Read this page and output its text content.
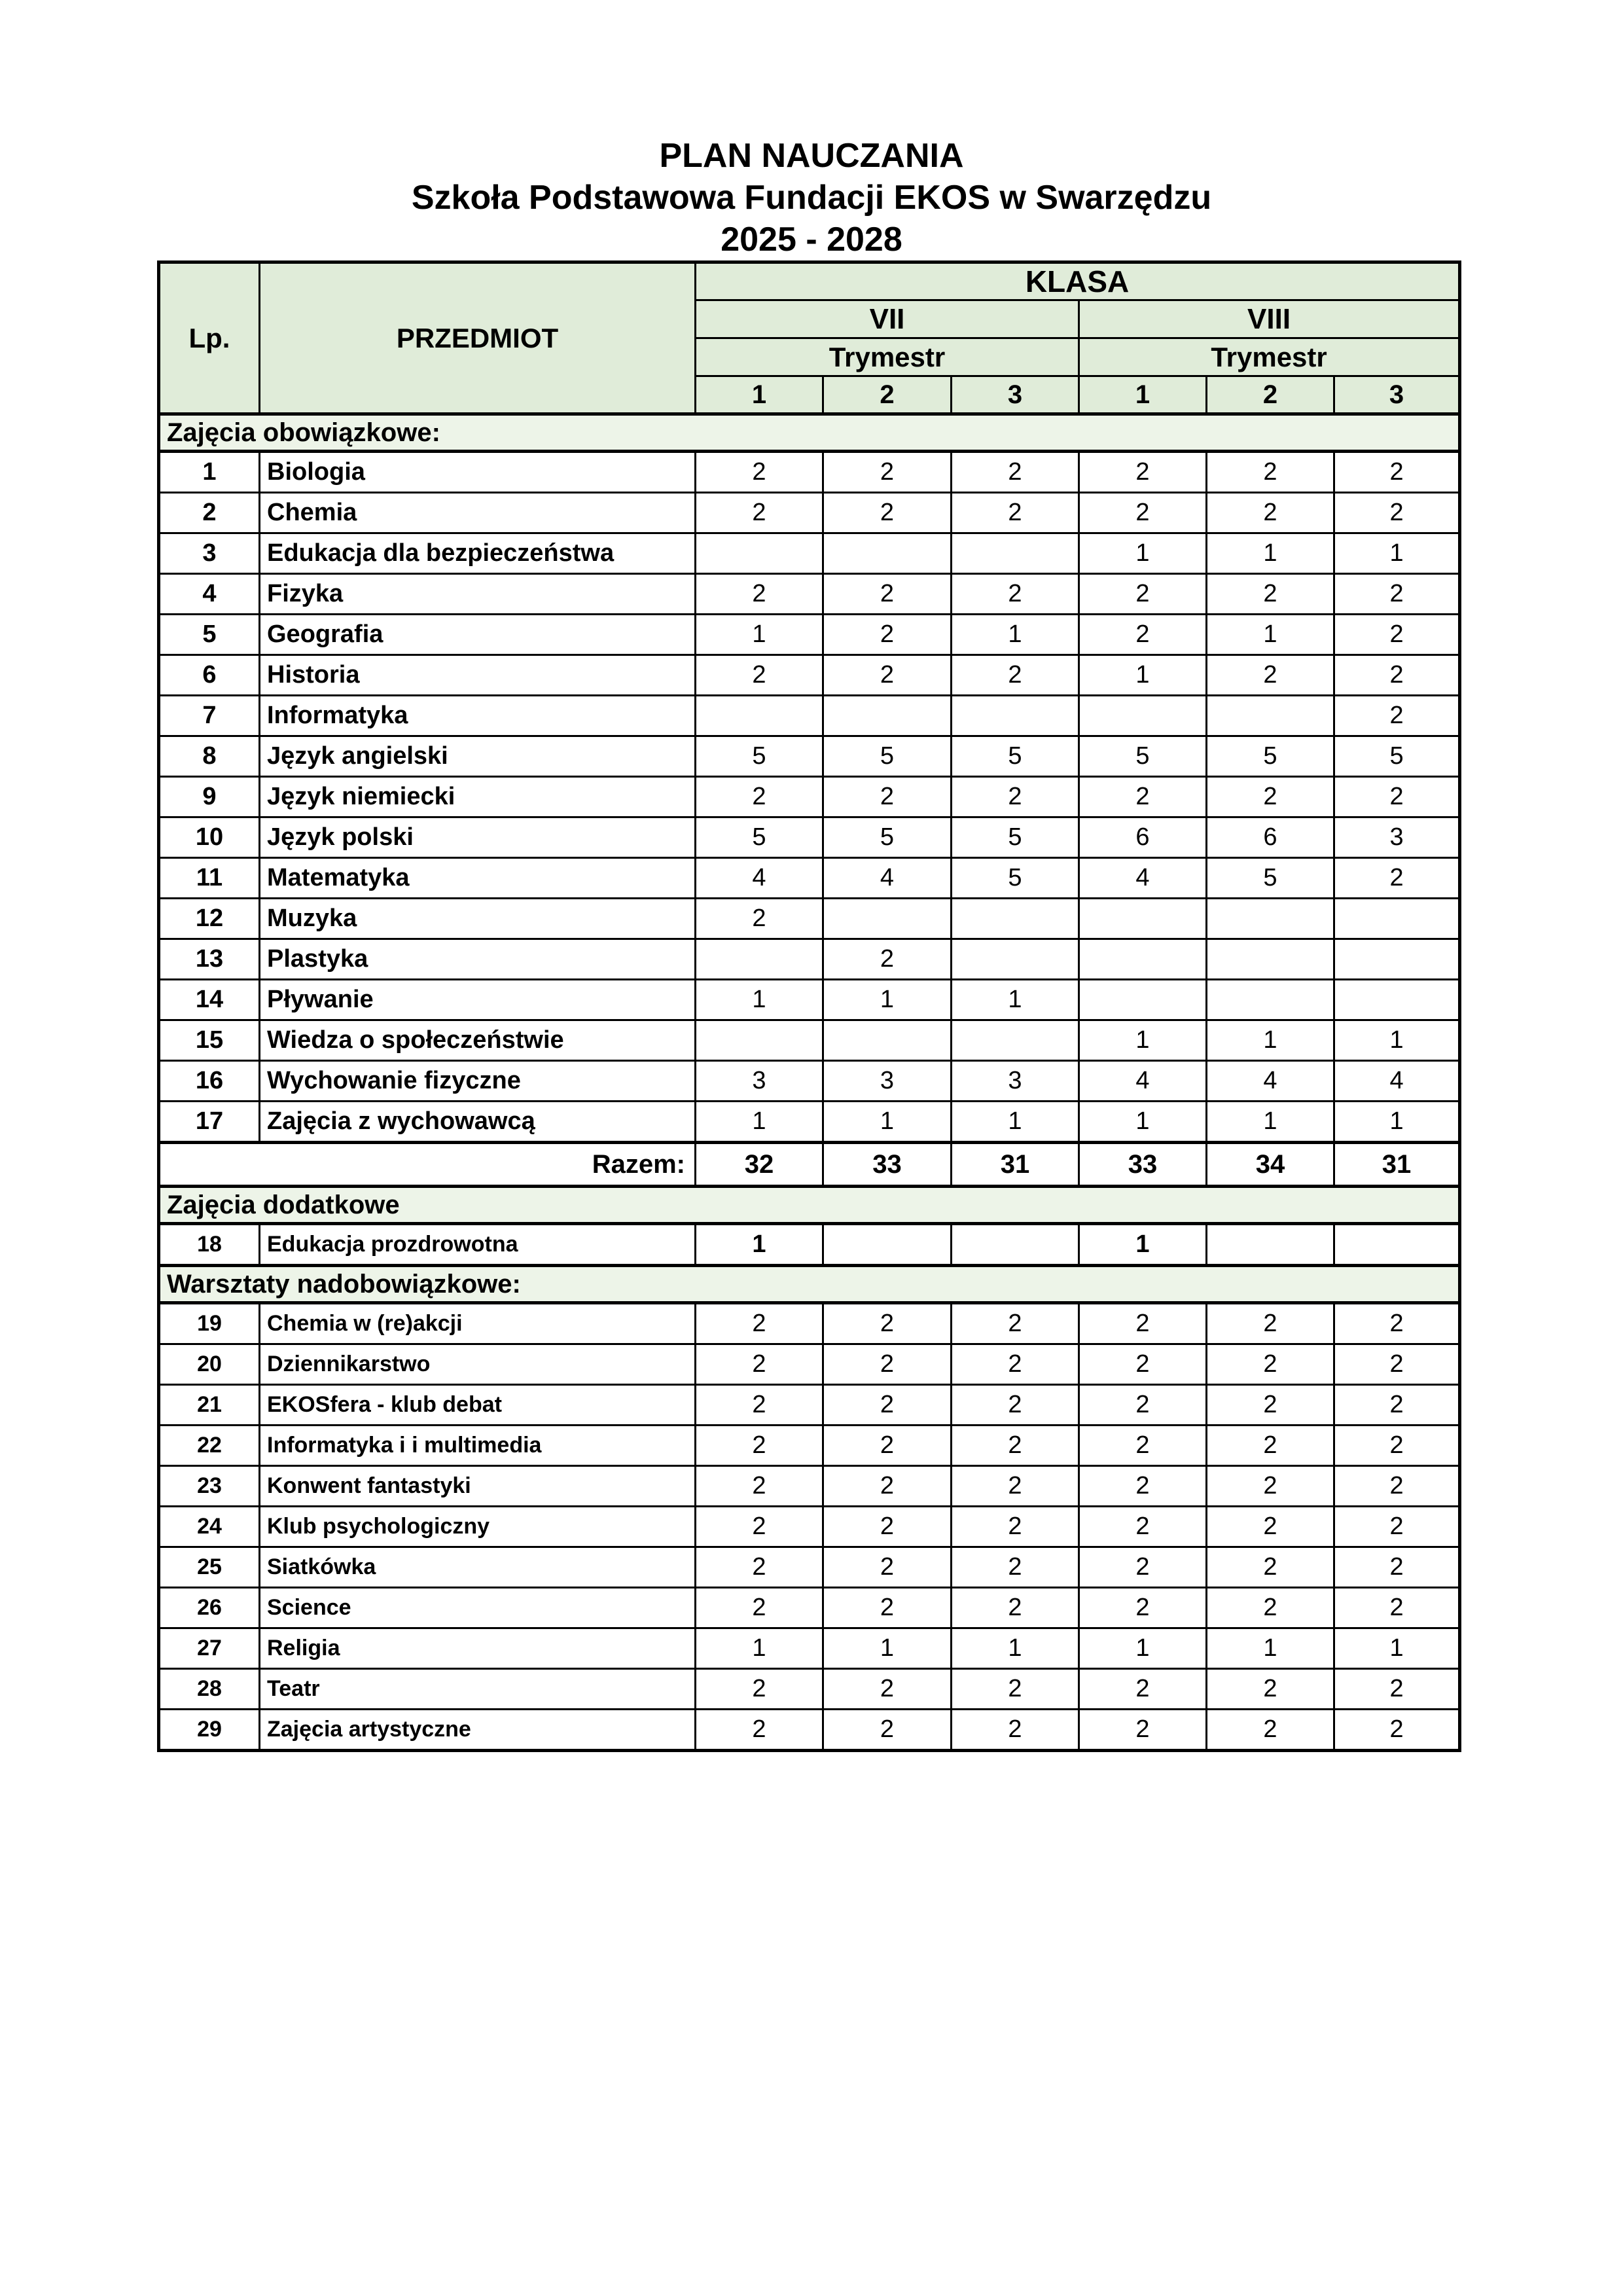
PLAN NAUCZANIA
Szkoła Podstawowa Fundacji EKOS w Swarzędzu
2025 - 2028
Lp.	PRZEDMIOT	KLASA					
		VII			VIII		
		Trymestr			Trymestr		
		1	2	3	1	2	3
Zajęcia obowiązkowe:							
1	Biologia	2	2	2	2	2	2
2	Chemia	2	2	2	2	2	2
3	Edukacja dla bezpieczeństwa				1	1	1
4	Fizyka	2	2	2	2	2	2
5	Geografia	1	2	1	2	1	2
6	Historia	2	2	2	1	2	2
7	Informatyka						2
8	Język angielski	5	5	5	5	5	5
9	Język niemiecki	2	2	2	2	2	2
10	Język polski	5	5	5	6	6	3
11	Matematyka	4	4	5	4	5	2
12	Muzyka	2					
13	Plastyka		2				
14	Pływanie	1	1	1			
15	Wiedza o społeczeństwie				1	1	1
16	Wychowanie fizyczne	3	3	3	4	4	4
17	Zajęcia z wychowawcą	1	1	1	1	1	1
Razem:		32	33	31	33	34	31
Zajęcia dodatkowe							
18	Edukacja prozdrowotna	1			1		
Warsztaty nadobowiązkowe:							
19	Chemia w (re)akcji	2	2	2	2	2	2
20	Dziennikarstwo	2	2	2	2	2	2
21	EKOSfera - klub debat	2	2	2	2	2	2
22	Informatyka i i multimedia	2	2	2	2	2	2
23	Konwent fantastyki	2	2	2	2	2	2
24	Klub psychologiczny	2	2	2	2	2	2
25	Siatkówka	2	2	2	2	2	2
26	Science	2	2	2	2	2	2
27	Religia	1	1	1	1	1	1
28	Teatr	2	2	2	2	2	2
29	Zajęcia artystyczne	2	2	2	2	2	2
